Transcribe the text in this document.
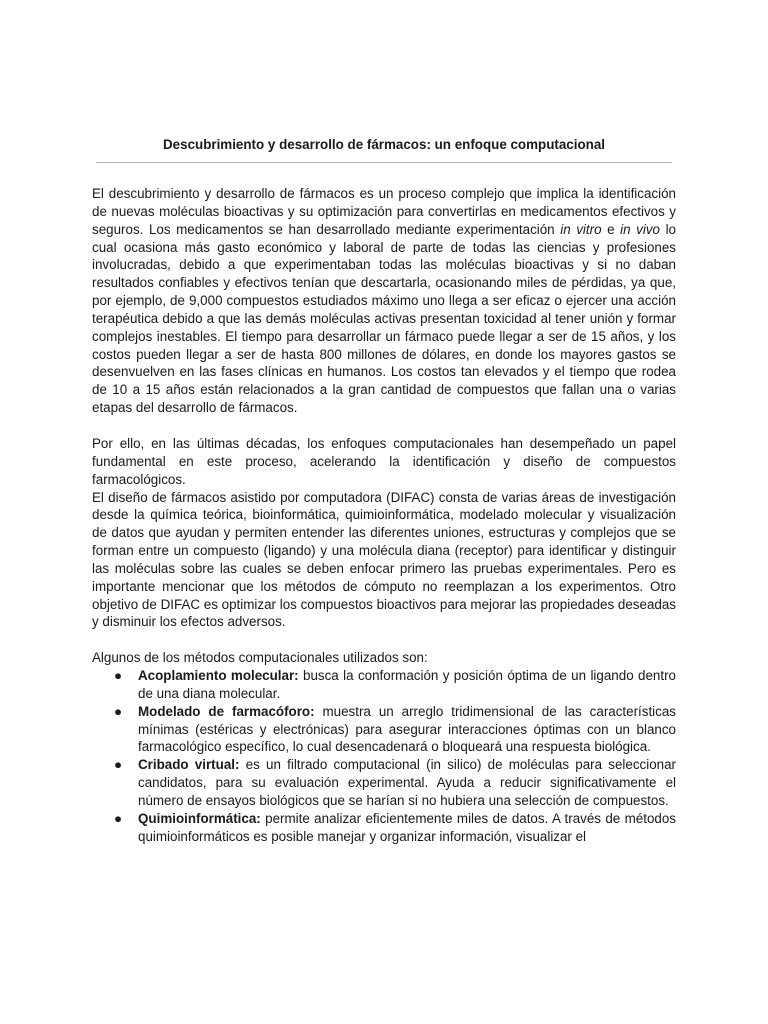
Descubrimiento y desarrollo de fármacos: un enfoque computacional

El descubrimiento y desarrollo de fármacos es un proceso complejo que implica la identificación de nuevas moléculas bioactivas y su optimización para convertirlas en medicamentos efectivos y seguros. Los medicamentos se han desarrollado mediante experimentación in vitro e in vivo lo cual ocasiona más gasto económico y laboral de parte de todas las ciencias y profesiones involucradas, debido a que experimentaban todas las moléculas bioactivas y si no daban resultados confiables y efectivos tenían que descartarla, ocasionando miles de pérdidas, ya que, por ejemplo, de 9,000 compuestos estudiados máximo uno llega a ser eficaz o ejercer una acción terapéutica debido a que las demás moléculas activas presentan toxicidad al tener unión y formar complejos inestables. El tiempo para desarrollar un fármaco puede llegar a ser de 15 años, y los costos pueden llegar a ser de hasta 800 millones de dólares, en donde los mayores gastos se desenvuelven en las fases clínicas en humanos. Los costos tan elevados y el tiempo que rodea de 10 a 15 años están relacionados a la gran cantidad de compuestos que fallan una o varias etapas del desarrollo de fármacos.

Por ello, en las últimas décadas, los enfoques computacionales han desempeñado un papel fundamental en este proceso, acelerando la identificación y diseño de compuestos farmacológicos.

El diseño de fármacos asistido por computadora (DIFAC) consta de varias áreas de investigación desde la química teórica, bioinformática, quimioinformática, modelado molecular y visualización de datos que ayudan y permiten entender las diferentes uniones, estructuras y complejos que se forman entre un compuesto (ligando) y una molécula diana (receptor) para identificar y distinguir las moléculas sobre las cuales se deben enfocar primero las pruebas experimentales. Pero es importante mencionar que los métodos de cómputo no reemplazan a los experimentos. Otro objetivo de DIFAC es optimizar los compuestos bioactivos para mejorar las propiedades deseadas y disminuir los efectos adversos.

Algunos de los métodos computacionales utilizados son:

● Acoplamiento molecular: busca la conformación y posición óptima de un ligando dentro de una diana molecular.
● Modelado de farmacóforo: muestra un arreglo tridimensional de las características mínimas (estéricas y electrónicas) para asegurar interacciones óptimas con un blanco farmacológico específico, lo cual desencadenará o bloqueará una respuesta biológica.
● Cribado virtual: es un filtrado computacional (in silico) de moléculas para seleccionar candidatos, para su evaluación experimental. Ayuda a reducir significativamente el número de ensayos biológicos que se harían si no hubiera una selección de compuestos.
● Quimioinformática: permite analizar eficientemente miles de datos. A través de métodos quimioinformáticos es posible manejar y organizar información, visualizar el
